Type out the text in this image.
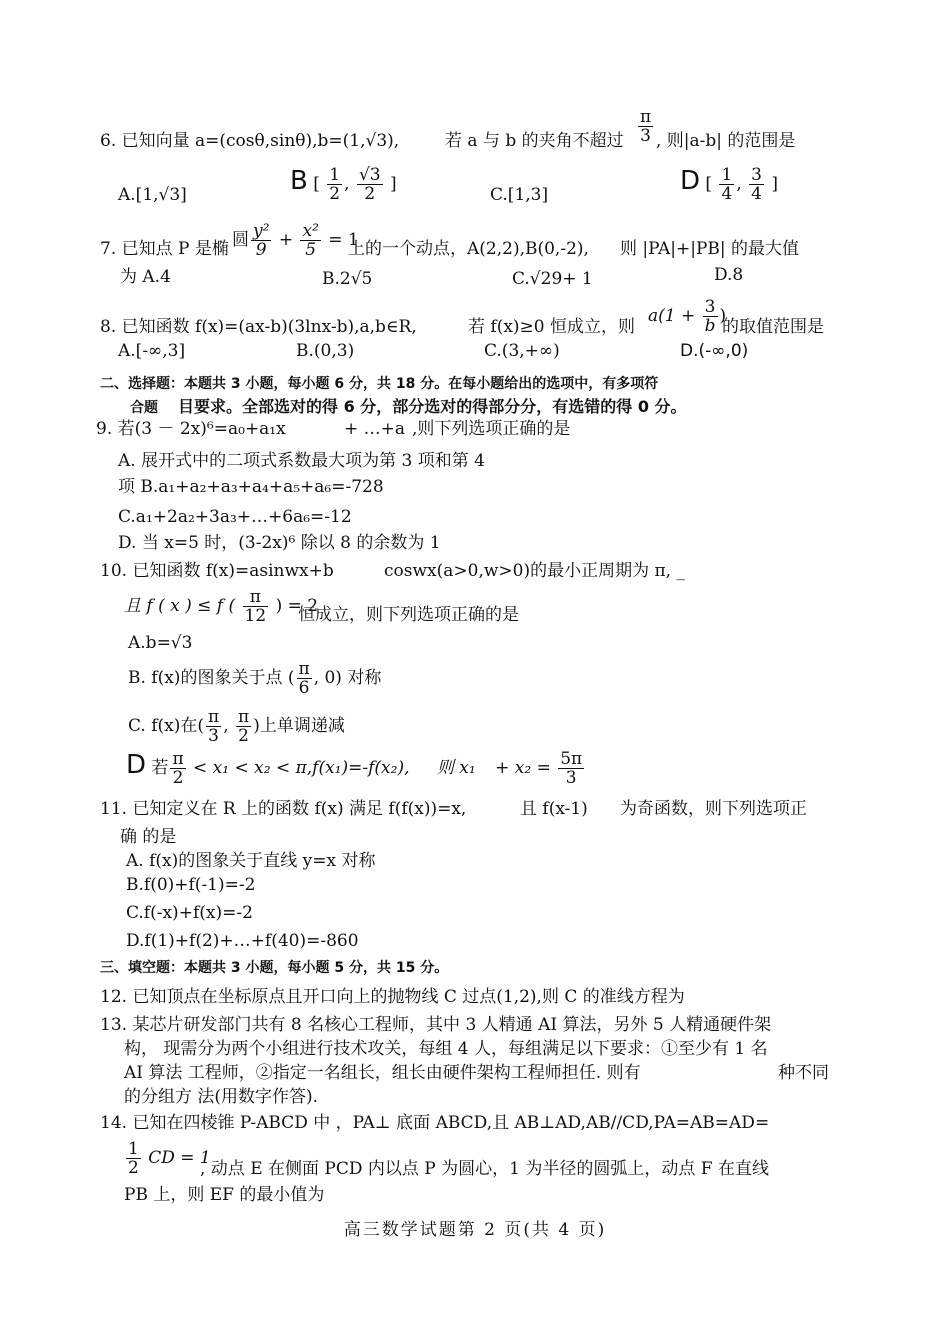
6. 已知向量 a=(cosθ,sinθ),b=(1,√3),	若 a 与 b 的夹角不超过 $\frac{\pi}{3}$ , 则|a-b| 的范围是
A.[1,√3]	B [ $\frac{1}{2}$ , $\frac{√3}{2}$ ]
C.[1,3]	D [ $\frac{1}{4}$ , $\frac{3}{4}$ ]
7. 已知点 P 是椭 圆 $\frac{\text{y²}}{9} + \frac{\text{x²}}{5} = 1$
上的一个动点，A(2,2),B(0,-2), 则 |PA|+|PB| 的最大值
为 A.4	B.2√5	C.√29+ 1	D.8
8. 已知函数 f(x)=(ax-b)(3lnx-b),a,b∈R,	若 f(x)≥0 恒成立，则
$a(1 + \frac{3}{b}$ )
的取值范围是
A.[-∞,3]	B.(0,3)	C.(3,+∞)	D.(-∞,0)
二、选择题：本题共 3 小题，每小题 6 分，共 18 分。在每小题给出的选项中，有多项符
合题 目要求。全部选对的得 6 分，部分选对的得部分分，有选错的得 0 分。
9. 若(3 － 2x)⁶=a₀+a₁x	+ …+a ,则下列选项正确的是
A. 展开式中的二项式系数最大项为第 3 项和第 4
项 B.a₁+a₂+a₃+a₄+a₅+a₆=-728
C.a₁+2a₂+3a₃+…+6a₆=-12
D. 当 x=5 时，(3-2x)⁶ 除以 8 的余数为 1
10. 已知函数 f(x)=asinwx+b	coswx(a>0,w>0)的最小正周期为 π, _
且 f ( x ) ≤ f ( $\frac{\pi}{12}$ ) = 2
恒成立，则下列选项正确的是
A.b=√3
B. f(x)的图象关于点 ( $\frac{\pi}{6}$ , 0) 对称
C. f(x)在( $\frac{\pi}{3}$ , $\frac{\pi}{2}$ )上单调递减
D 若 $\frac{\pi}{2} < x_1 < x_2 < \pi,f(x_1)=-f(x_2)$, 则 $x_1 + x_2 = \frac{5\pi}{3}$
11. 已知定义在 R 上的函数 f(x) 满足 f(f(x))=x,	且 f(x-1) 为奇函数，则下列选项正
确 的是
A. f(x)的图象关于直线 y=x 对称
B.f(0)+f(-1)=-2
C.f(-x)+f(x)=-2
D.f(1)+f(2)+…+f(40)=-860
三、填空题：本题共 3 小题，每小题 5 分，共 15 分。
12. 已知顶点在坐标原点且开口向上的抛物线 C 过点(1,2),则 C 的准线方程为
13. 某芯片研发部门共有 8 名核心工程师，其中 3 人精通 AI 算法，另外 5 人精通硬件架
构， 现需分为两个小组进行技术攻关，每组 4 人，每组满足以下要求：①至少有 1 名
AI 算法 工程师，②指定一名组长，组长由硬件架构工程师担任. 则有	种不同
的分组方 法(用数字作答).
14. 已知在四棱锥 P-ABCD 中 ，PA⊥ 底面 ABCD,且 AB⊥AD,AB//CD,PA=AB=AD=
$\frac{1}{2}$ CD = 1
, 动点 E 在侧面 PCD 内以点 P 为圆心，1 为半径的圆弧上，动点 F 在直线
PB 上，则 EF 的最小值为
高三数学试题第 2 页(共 4 页)
